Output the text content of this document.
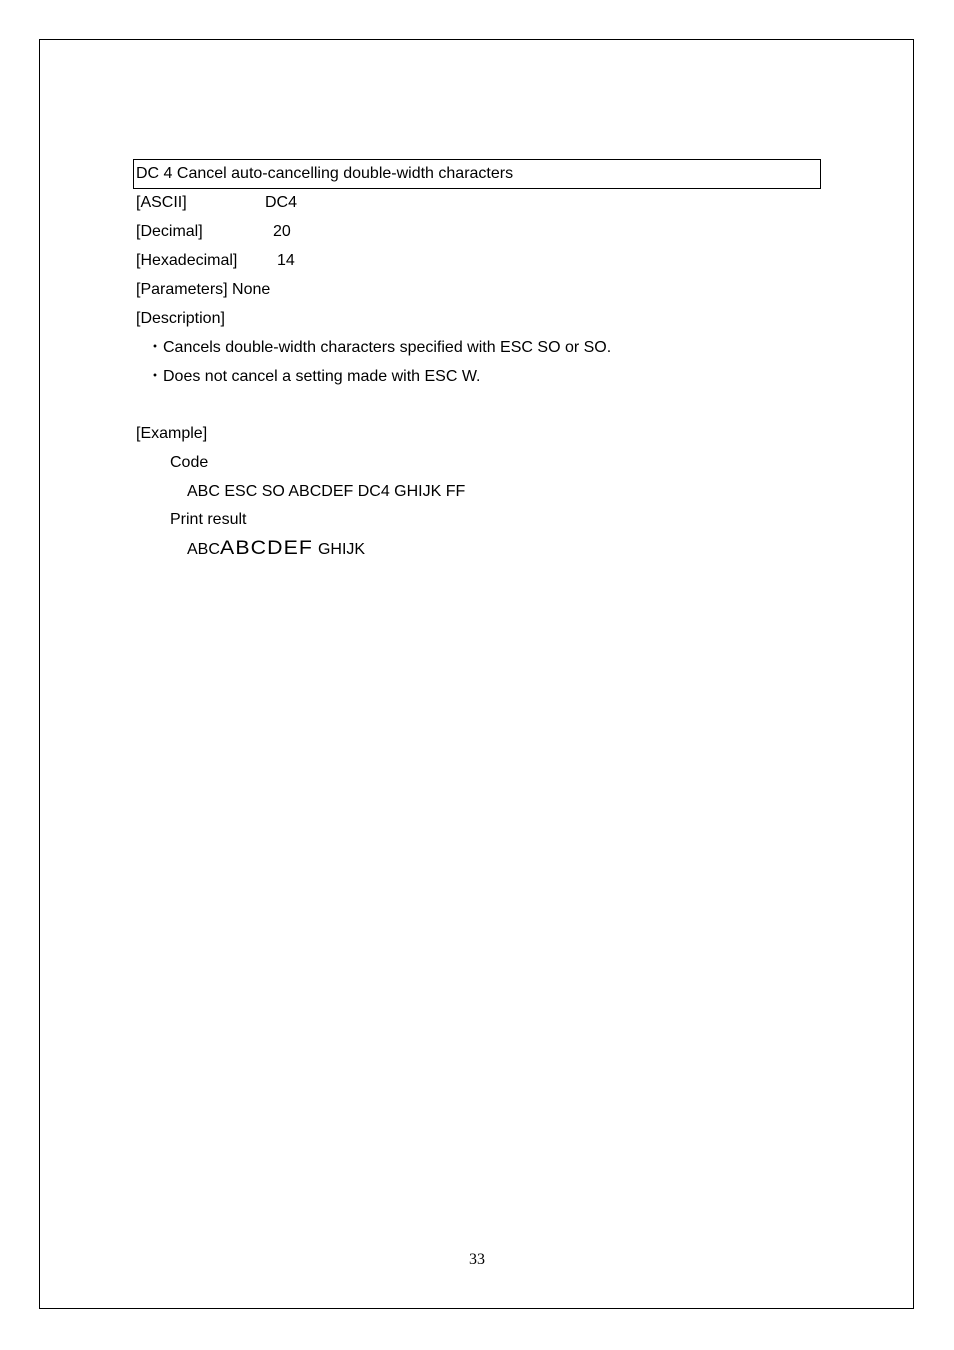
DC 4 Cancel auto-cancelling double-width characters
[ASCII]	DC4
[Decimal]	20
[Hexadecimal] 14
[Parameters] None
[Description]
・Cancels double-width characters specified with ESC SO or SO.
・Does not cancel a setting made with ESC W.
[Example]
Code
ABC ESC SO ABCDEF DC4 GHIJK FF
Print result
ABCABCDEF GHIJK
33
